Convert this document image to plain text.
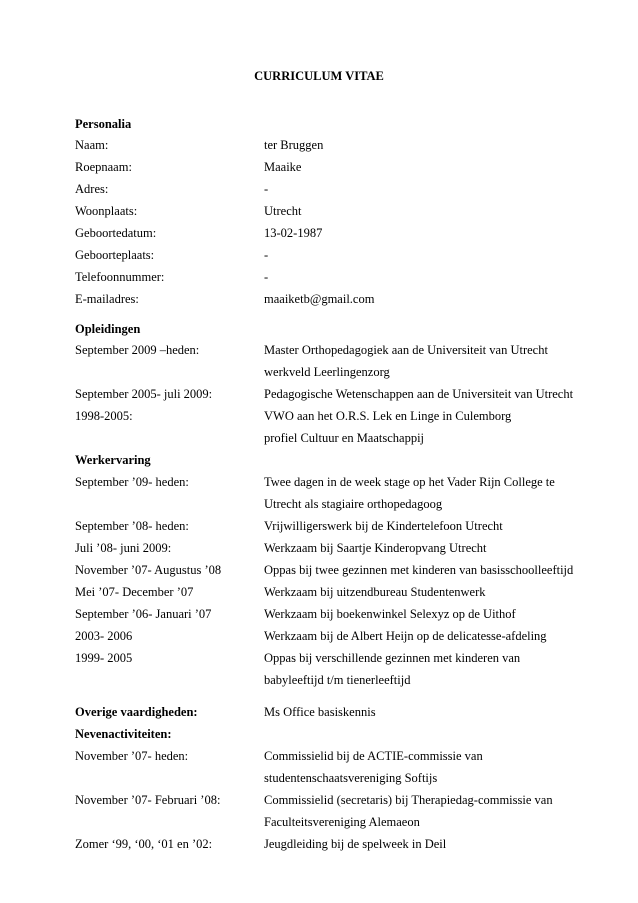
CURRICULUM VITAE
Personalia
Naam:	ter Bruggen
Roepnaam:	Maaike
Adres:	-
Woonplaats:	Utrecht
Geboortedatum:	13-02-1987
Geboorteplaats:	-
Telefoonnummer:	-
E-mailadres:	maaiketb@gmail.com
Opleidingen
September 2009 –heden:	Master Orthopedagogiek aan de Universiteit van Utrecht
werkveld Leerlingenzorg
September 2005- juli 2009:	Pedagogische Wetenschappen aan de Universiteit van Utrecht
1998-2005:	VWO aan het O.R.S. Lek en Linge in Culemborg
profiel Cultuur en Maatschappij
Werkervaring
September ’09- heden:	Twee dagen in de week stage op het Vader Rijn College te
Utrecht als stagiaire orthopedagoog
September ’08- heden:	Vrijwilligerswerk bij de Kindertelefoon Utrecht
Juli ’08- juni 2009:	Werkzaam bij Saartje Kinderopvang Utrecht
November ’07- Augustus ’08	Oppas bij twee gezinnen met kinderen van basisschoolleeftijd
Mei ’07- December ’07	Werkzaam bij uitzendbureau Studentenwerk
September ’06- Januari ’07	Werkzaam bij boekenwinkel Selexyz op de Uithof
2003- 2006	Werkzaam bij de Albert Heijn op de delicatesse-afdeling
1999- 2005	Oppas bij verschillende gezinnen met kinderen van
babyleeftijd t/m tienerleeftijd
Overige vaardigheden:	Ms Office basiskennis
Nevenactiviteiten:
November ’07- heden:	Commissielid bij de ACTIE-commissie van
studentenschaatsvereniging Softijs
November ’07- Februari ’08:	Commissielid (secretaris) bij Therapiedag-commissie van
Faculteitsvereniging Alemaeon
Zomer ‘99, ‘00, ‘01 en ’02:	Jeugdleiding bij de spelweek in Deil
